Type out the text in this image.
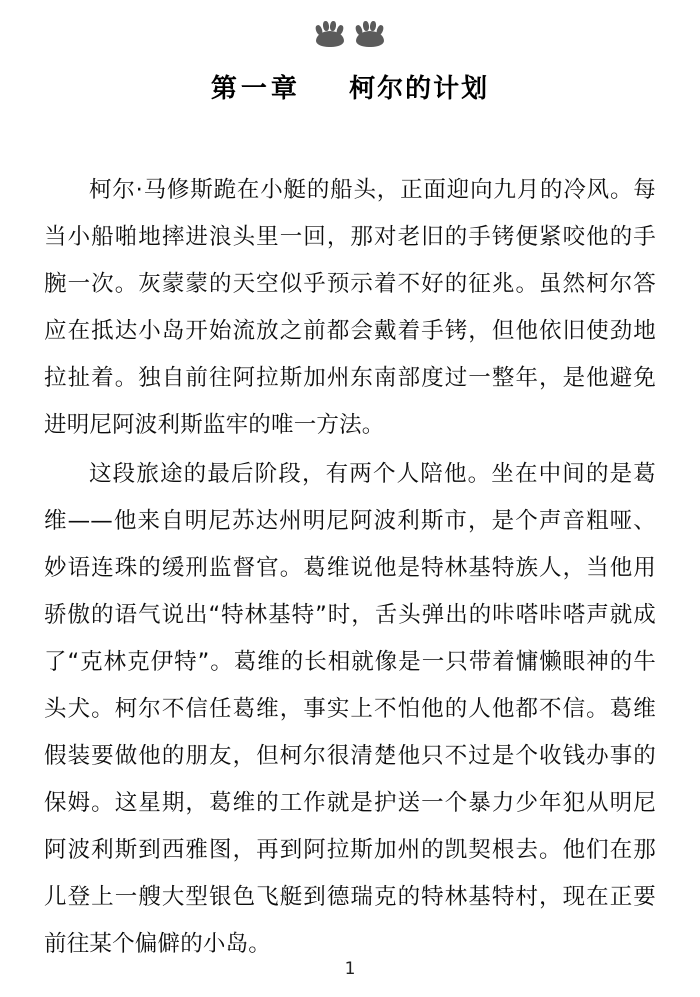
第一章 柯尔的计划

柯尔·马修斯跪在小艇的船头，正面迎向九月的冷风。每当小船啪地摔进浪头里一回，那对老旧的手铐便紧咬他的手腕一次。灰蒙蒙的天空似乎预示着不好的征兆。虽然柯尔答应在抵达小岛开始流放之前都会戴着手铐，但他依旧使劲地拉扯着。独自前往阿拉斯加州东南部度过一整年，是他避免进明尼阿波利斯监牢的唯一方法。

这段旅途的最后阶段，有两个人陪他。坐在中间的是葛维——他来自明尼苏达州明尼阿波利斯市，是个声音粗哑、妙语连珠的缓刑监督官。葛维说他是特林基特族人，当他用骄傲的语气说出“特林基特”时，舌头弹出的咔嗒咔嗒声就成了“克林克伊特”。葛维的长相就像是一只带着慵懒眼神的牛头犬。柯尔不信任葛维，事实上不怕他的人他都不信。葛维假装要做他的朋友，但柯尔很清楚他只不过是个收钱办事的保姆。这星期，葛维的工作就是护送一个暴力少年犯从明尼阿波利斯到西雅图，再到阿拉斯加州的凯契根去。他们在那儿登上一艘大型银色飞艇到德瑞克的特林基特村，现在正要前往某个偏僻的小岛。

1
